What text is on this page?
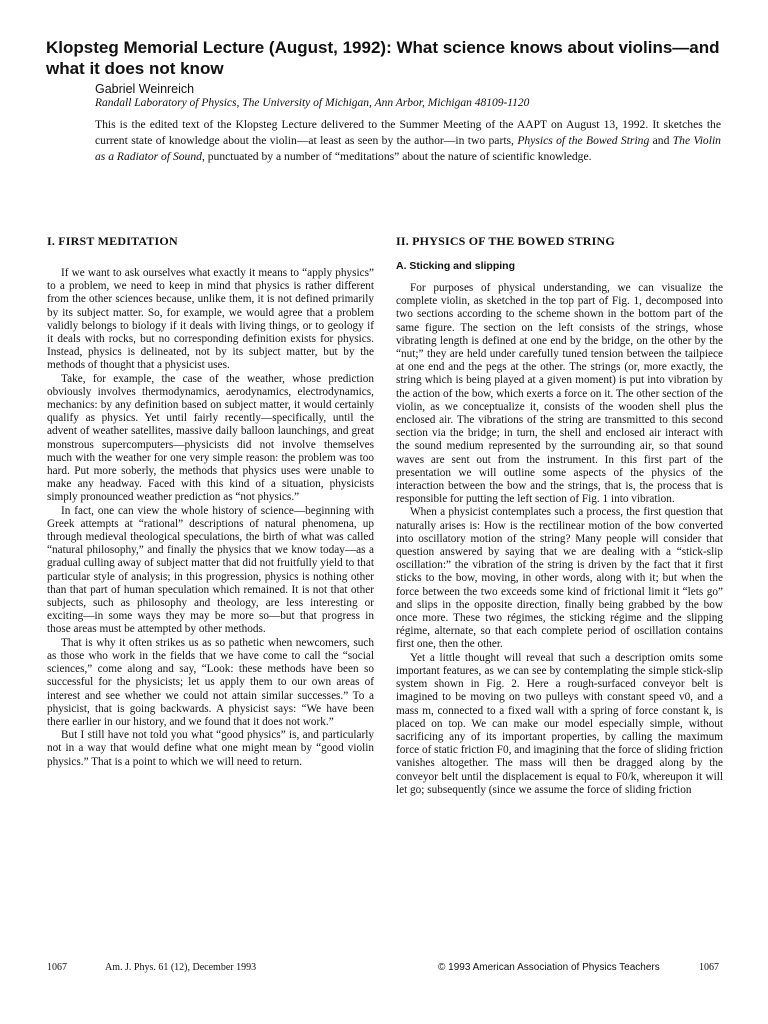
Klopsteg Memorial Lecture (August, 1992): What science knows about violins—and what it does not know
Gabriel Weinreich
Randall Laboratory of Physics, The University of Michigan, Ann Arbor, Michigan 48109-1120

This is the edited text of the Klopsteg Lecture delivered to the Summer Meeting of the AAPT on August 13, 1992. It sketches the current state of knowledge about the violin—at least as seen by the author—in two parts, Physics of the Bowed String and The Violin as a Radiator of Sound, punctuated by a number of “meditations” about the nature of scientific knowledge.

I. FIRST MEDITATION

If we want to ask ourselves what exactly it means to “apply physics” to a problem, we need to keep in mind that physics is rather different from the other sciences because, unlike them, it is not defined primarily by its subject matter. So, for example, we would agree that a problem validly belongs to biology if it deals with living things, or to geology if it deals with rocks, but no corresponding definition exists for physics. Instead, physics is delineated, not by its subject matter, but by the methods of thought that a physicist uses.

Take, for example, the case of the weather, whose prediction obviously involves thermodynamics, aerodynamics, electrodynamics, mechanics: by any definition based on subject matter, it would certainly qualify as physics. Yet until fairly recently—specifically, until the advent of weather satellites, massive daily balloon launchings, and great monstrous supercomputers—physicists did not involve themselves much with the weather for one very simple reason: the problem was too hard. Put more soberly, the methods that physics uses were unable to make any headway. Faced with this kind of a situation, physicists simply pronounced weather prediction as “not physics.”

In fact, one can view the whole history of science—beginning with Greek attempts at “rational” descriptions of natural phenomena, up through medieval theological speculations, the birth of what was called “natural philosophy,” and finally the physics that we know today—as a gradual culling away of subject matter that did not fruitfully yield to that particular style of analysis; in this progression, physics is nothing other than that part of human speculation which remained. It is not that other subjects, such as philosophy and theology, are less interesting or exciting—in some ways they may be more so—but that progress in those areas must be attempted by other methods.

That is why it often strikes us as so pathetic when newcomers, such as those who work in the fields that we have come to call the “social sciences,” come along and say, “Look: these methods have been so successful for the physicists; let us apply them to our own areas of interest and see whether we could not attain similar successes.” To a physicist, that is going backwards. A physicist says: “We have been there earlier in our history, and we found that it does not work.”

But I still have not told you what “good physics” is, and particularly not in a way that would define what one might mean by “good violin physics.” That is a point to which we will need to return.

II. PHYSICS OF THE BOWED STRING
A. Sticking and slipping

For purposes of physical understanding, we can visualize the complete violin, as sketched in the top part of Fig. 1, decomposed into two sections according to the scheme shown in the bottom part of the same figure. The section on the left consists of the strings, whose vibrating length is defined at one end by the bridge, on the other by the “nut;” they are held under carefully tuned tension between the tailpiece at one end and the pegs at the other. The strings (or, more exactly, the string which is being played at a given moment) is put into vibration by the action of the bow, which exerts a force on it. The other section of the violin, as we conceptualize it, consists of the wooden shell plus the enclosed air. The vibrations of the string are transmitted to this second section via the bridge; in turn, the shell and enclosed air interact with the sound medium represented by the surrounding air, so that sound waves are sent out from the instrument. In this first part of the presentation we will outline some aspects of the physics of the interaction between the bow and the strings, that is, the process that is responsible for putting the left section of Fig. 1 into vibration.

When a physicist contemplates such a process, the first question that naturally arises is: How is the rectilinear motion of the bow converted into oscillatory motion of the string? Many people will consider that question answered by saying that we are dealing with a “stick-slip oscillation:” the vibration of the string is driven by the fact that it first sticks to the bow, moving, in other words, along with it; but when the force between the two exceeds some kind of frictional limit it “lets go” and slips in the opposite direction, finally being grabbed by the bow once more. These two régimes, the sticking régime and the slipping régime, alternate, so that each complete period of oscillation contains first one, then the other.

Yet a little thought will reveal that such a description omits some important features, as we can see by contemplating the simple stick-slip system shown in Fig. 2. Here a rough-surfaced conveyor belt is imagined to be moving on two pulleys with constant speed v0, and a mass m, connected to a fixed wall with a spring of force constant k, is placed on top. We can make our model especially simple, without sacrificing any of its important properties, by calling the maximum force of static friction F0, and imagining that the force of sliding friction vanishes altogether. The mass will then be dragged along by the conveyor belt until the displacement is equal to F0/k, whereupon it will let go; subsequently (since we assume the force of sliding friction

1067	Am. J. Phys. 61 (12), December 1993	© 1993 American Association of Physics Teachers	1067
